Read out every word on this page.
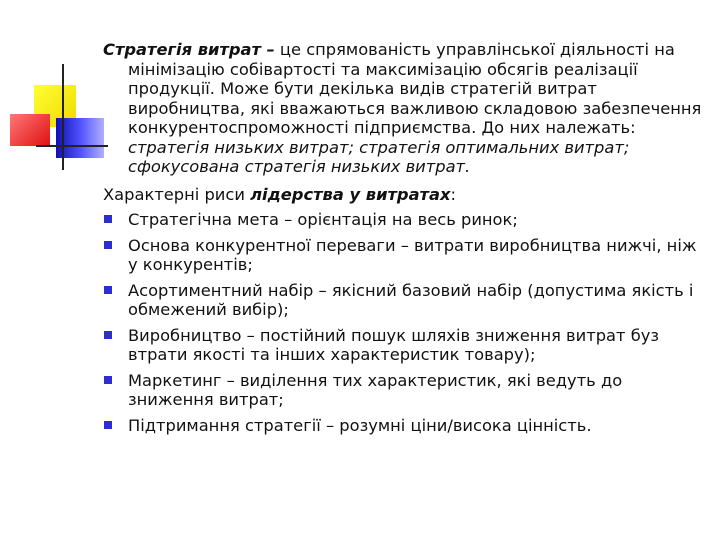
Стратегія витрат – це спрямованість управлінської діяльності на мінімізацію собівартості та максимізацію обсягів реалізації продукції. Може бути декілька видів стратегій витрат виробництва, які вважаються важливою складовою забезпечення конкурентоспроможності підприємства. До них належать: стратегія низьких витрат; стратегія оптимальних витрат; сфокусована стратегія низьких витрат.

Характерні риси лідерства у витратах:

Стратегічна мета – орієнтація на весь ринок;
Основа конкурентної переваги – витрати виробництва нижчі, ніж у конкурентів;
Асортиментний набір – якісний базовий набір (допустима якість і обмежений вибір);
Виробництво – постійний пошук шляхів зниження витрат буз втрати якості та інших характеристик товару);
Маркетинг – виділення тих характеристик, які ведуть до зниження витрат;
Підтримання стратегії – розумні ціни/висока цінність.
